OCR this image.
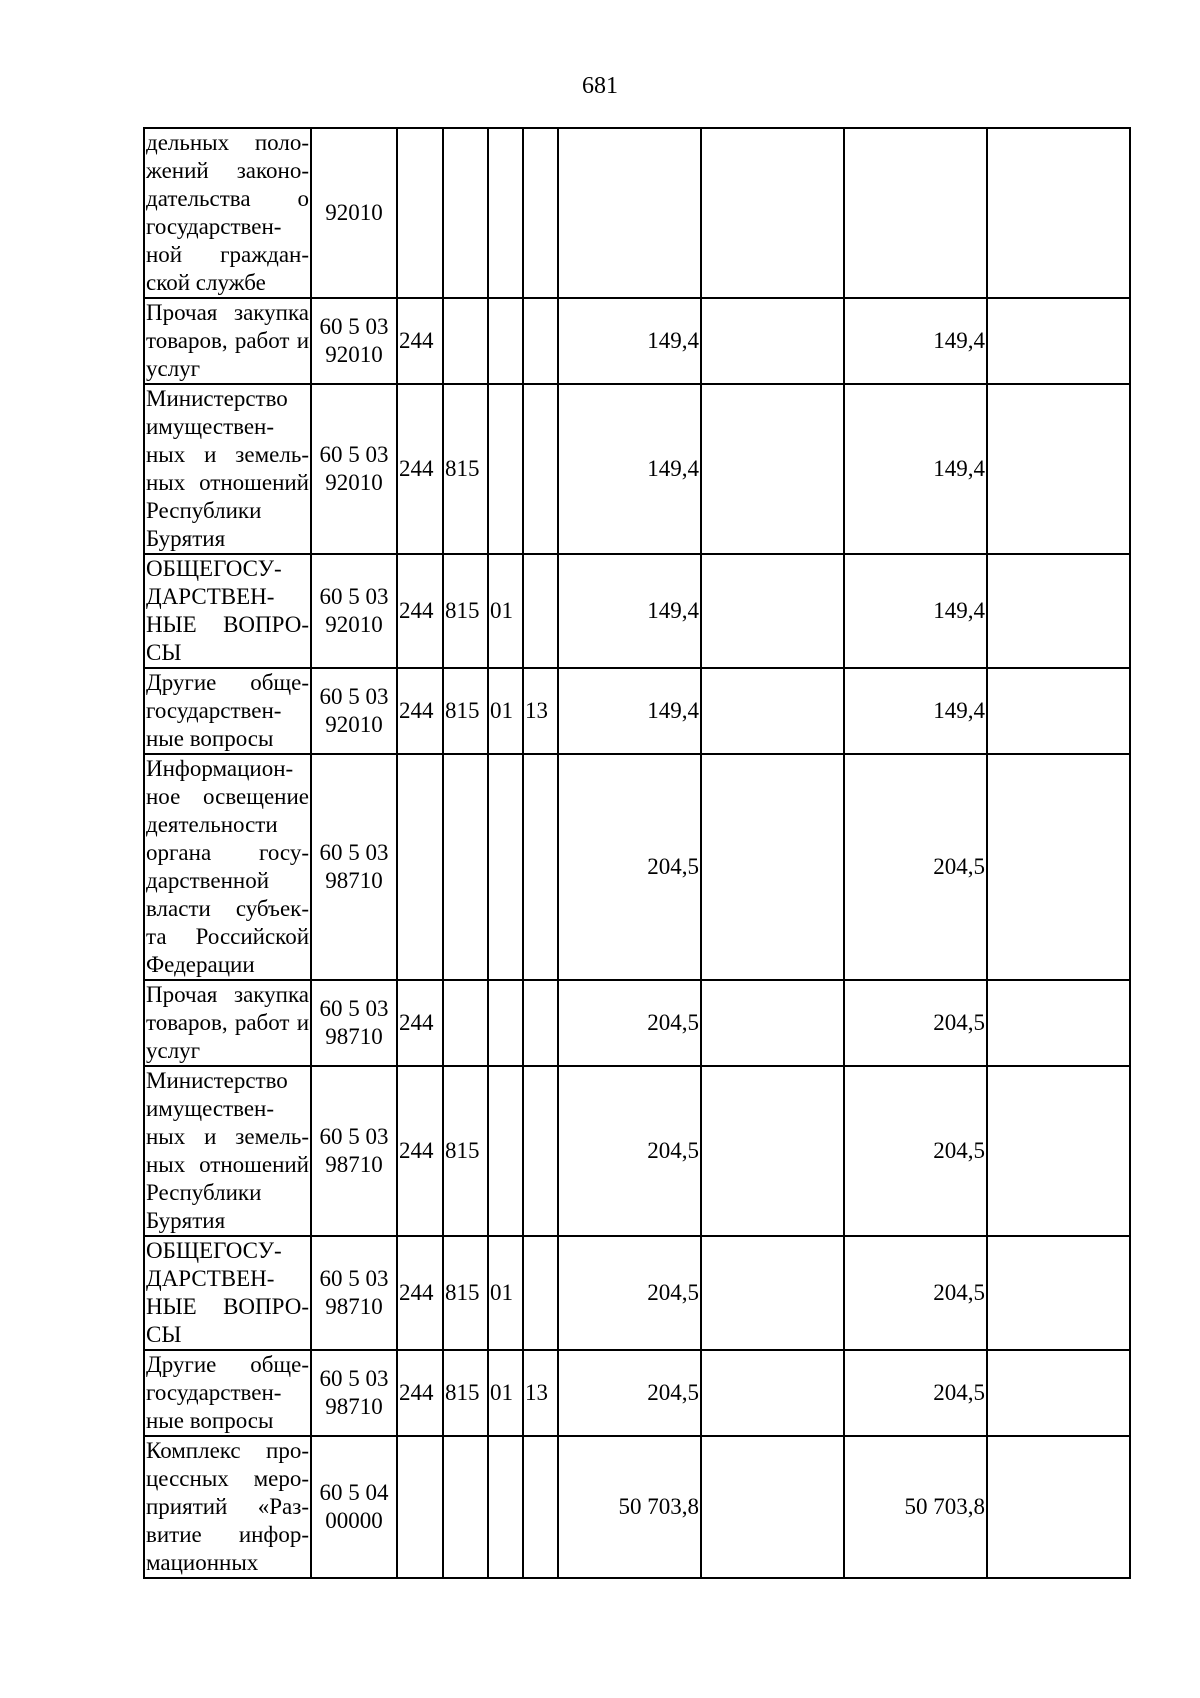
681
дельных поло-жений законо-дательства о государствен-ной граждан-ской службе	92010								
Прочая закупка товаров, работ и услуг	60 5 03 92010	244				149,4		149,4	
Министерство имуществен-ных и земель-ных отношений Республики Бурятия	60 5 03 92010	244	815			149,4		149,4	
ОБЩЕГОСУ-ДАРСТВЕН-НЫЕ ВОПРО-СЫ	60 5 03 92010	244	815	01		149,4		149,4	
Другие обще-государствен-ные вопросы	60 5 03 92010	244	815	01	13	149,4		149,4	
Информацион-ное освещение деятельности органа госу-дарственной власти субъек-та Российской Федерации	60 5 03 98710					204,5		204,5	
Прочая закупка товаров, работ и услуг	60 5 03 98710	244				204,5		204,5	
Министерство имуществен-ных и земель-ных отношений Республики Бурятия	60 5 03 98710	244	815			204,5		204,5	
ОБЩЕГОСУ-ДАРСТВЕН-НЫЕ ВОПРО-СЫ	60 5 03 98710	244	815	01		204,5		204,5	
Другие обще-государствен-ные вопросы	60 5 03 98710	244	815	01	13	204,5		204,5	
Комплекс про-цессных меро-приятий «Раз-витие инфор-мационных	60 5 04 00000					50 703,8		50 703,8	
